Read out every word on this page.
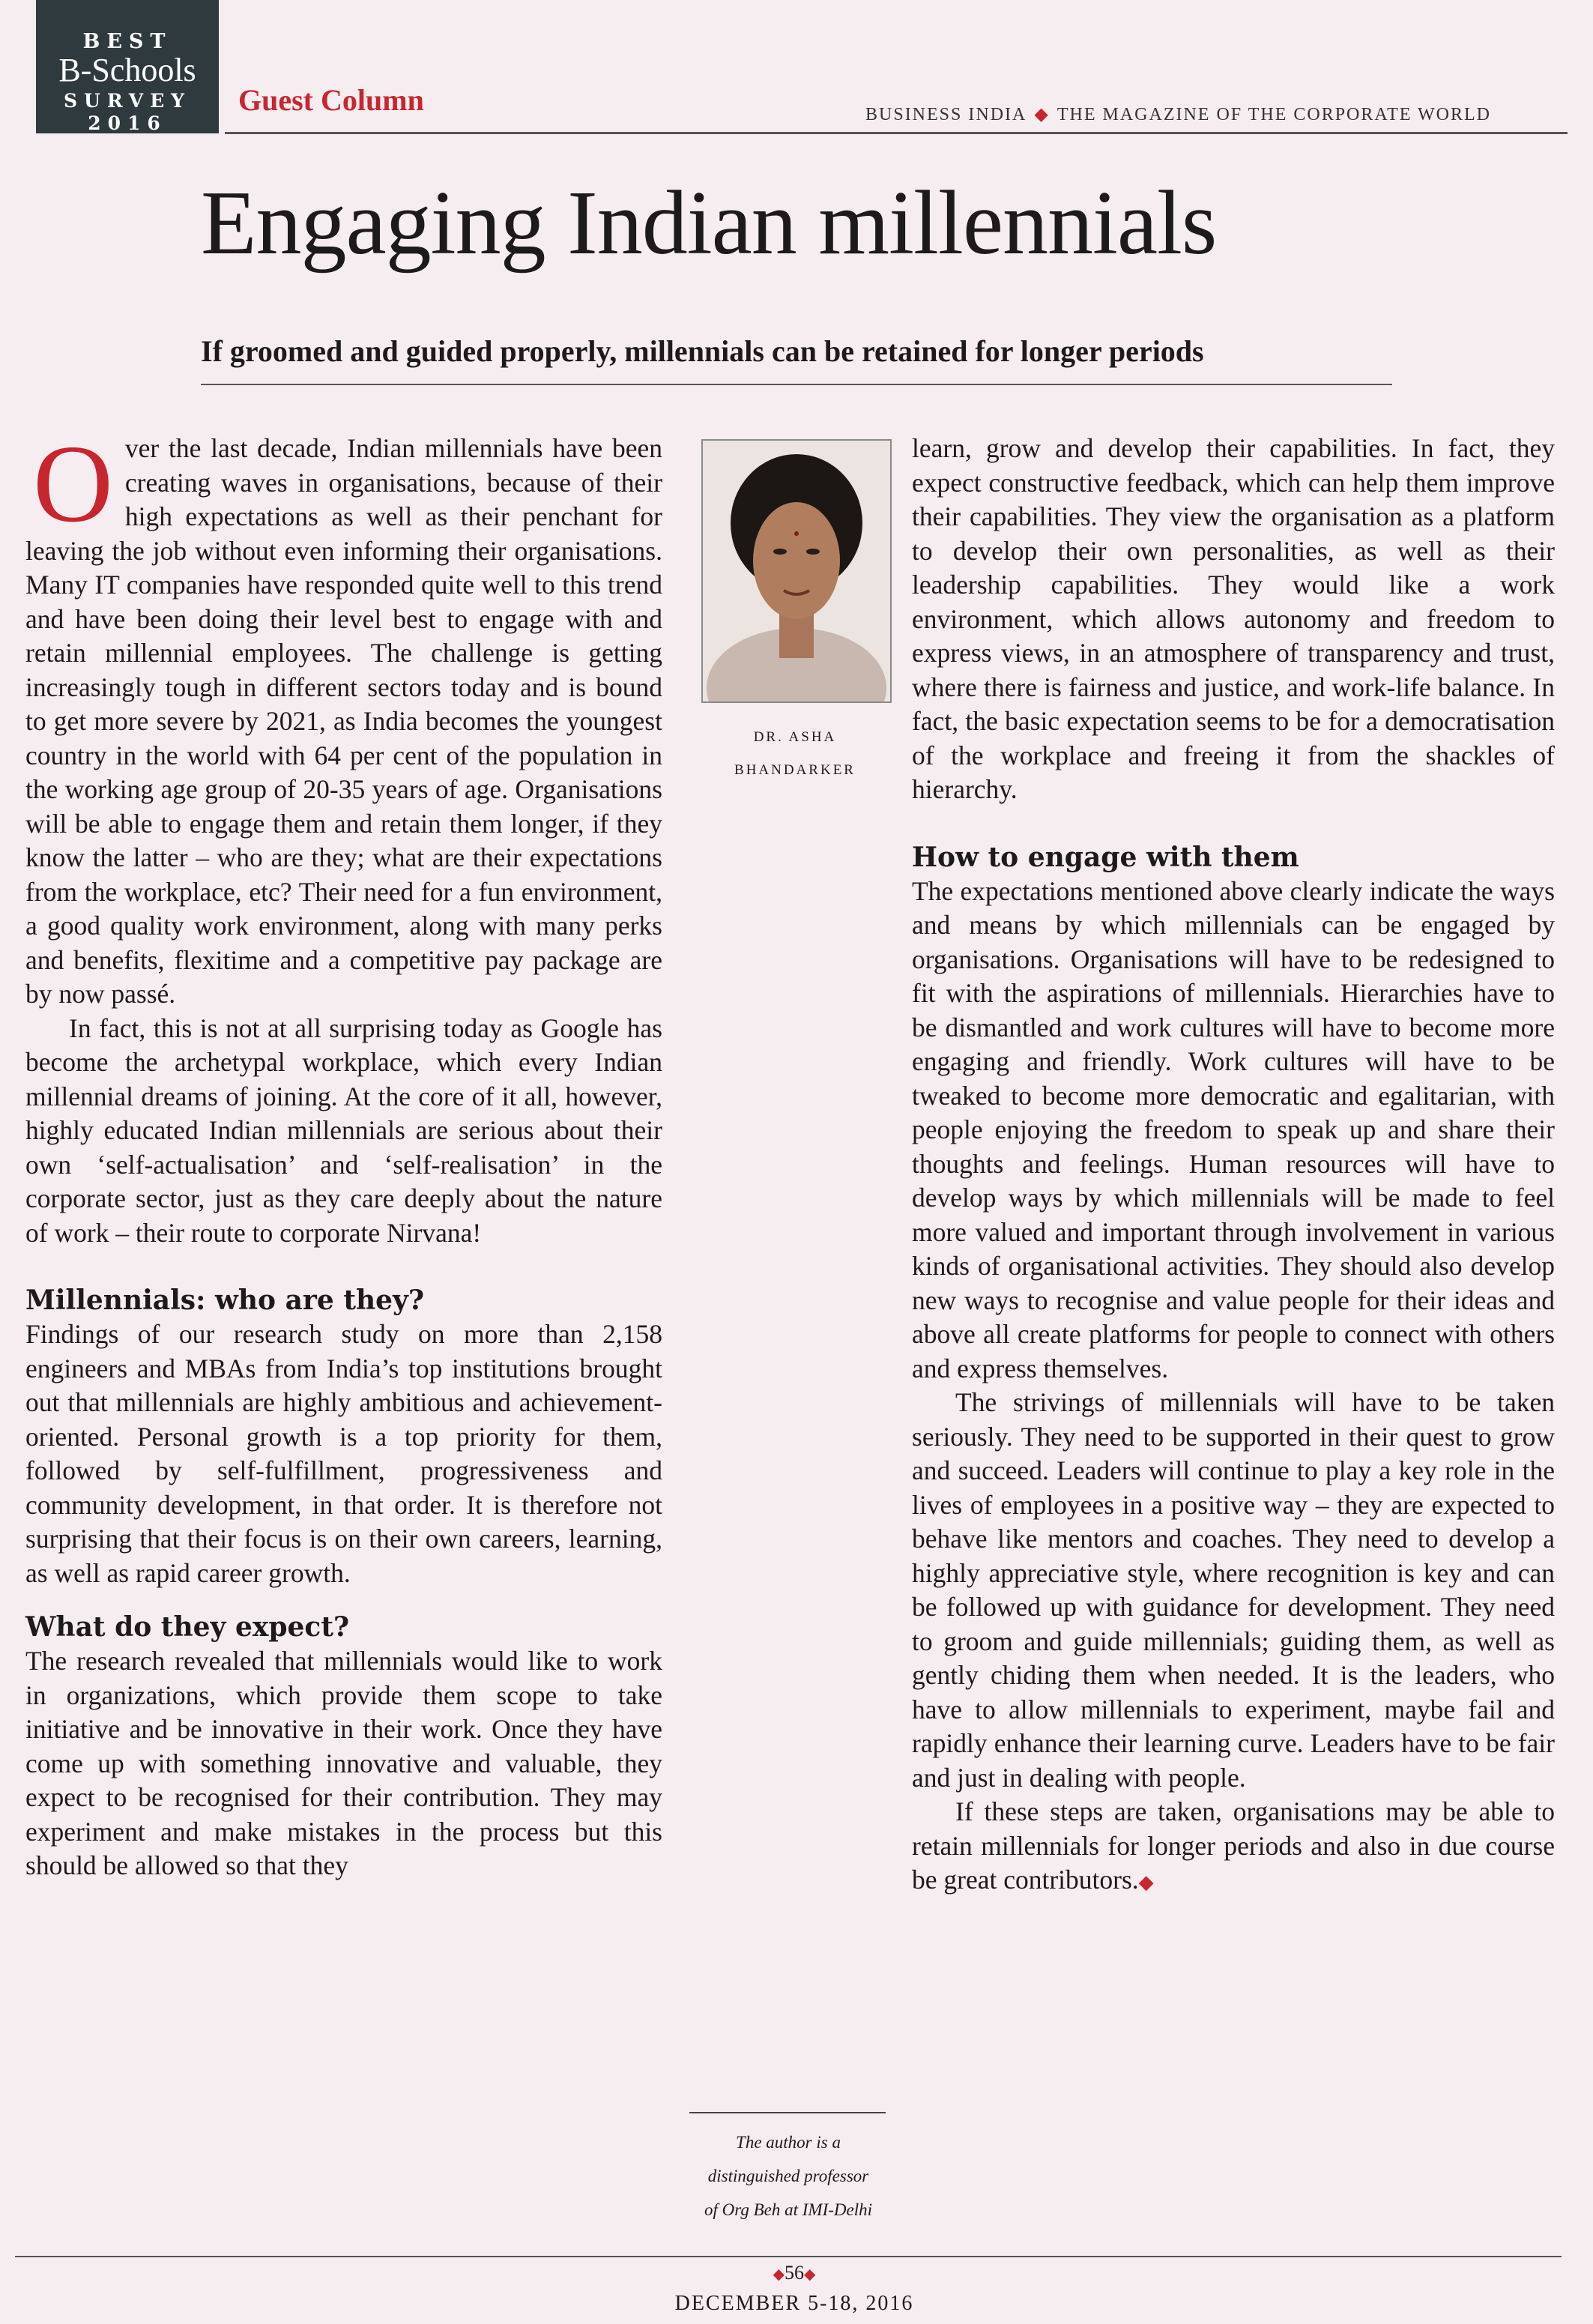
BEST
B-Schools
SURVEY
2016
Guest Column	BUSINESS INDIA ◆ THE MAGAZINE OF THE CORPORATE WORLD
Engaging Indian millennials
If groomed and guided properly, millennials can be retained for longer periods

Over the last decade, Indian millennials have been creating waves in organisations, because of their high expectations as well as their penchant for leaving the job without even informing their organisations. Many IT companies have responded quite well to this trend and have been doing their level best to engage with and retain millennial employees. The challenge is getting increasingly tough in different sectors today and is bound to get more severe by 2021, as India becomes the youngest country in the world with 64 per cent of the population in the working age group of 20-35 years of age. Organisations will be able to engage them and retain them longer, if they know the latter – who are they; what are their expectations from the workplace, etc? Their need for a fun environment, a good quality work environment, along with many perks and benefits, flexitime and a competitive pay package are by now passé.

In fact, this is not at all surprising today as Google has become the archetypal workplace, which every Indian millennial dreams of joining. At the core of it all, however, highly educated Indian millennials are serious about their own ‘self-actualisation’ and ‘self-realisation’ in the corporate sector, just as they care deeply about the nature of work – their route to corporate Nirvana!

Millennials: who are they?

Findings of our research study on more than 2,158 engineers and MBAs from India’s top institutions brought out that millennials are highly ambitious and achievement-oriented. Personal growth is a top priority for them, followed by self-fulfillment, progressiveness and community development, in that order. It is therefore not surprising that their focus is on their own careers, learning, as well as rapid career growth.

What do they expect?

The research revealed that millennials would like to work in organizations, which provide them scope to take initiative and be innovative in their work. Once they have come up with something innovative and valuable, they expect to be recognised for their contribution. They may experiment and make mistakes in the process but this should be allowed so that they

DR. ASHA
BHANDARKER

learn, grow and develop their capabilities. In fact, they expect constructive feedback, which can help them improve their capabilities. They view the organisation as a platform to develop their own personalities, as well as their leadership capabilities. They would like a work environment, which allows autonomy and freedom to express views, in an atmosphere of transparency and trust, where there is fairness and justice, and work-life balance. In fact, the basic expectation seems to be for a democratisation of the workplace and freeing it from the shackles of hierarchy.

How to engage with them

The expectations mentioned above clearly indicate the ways and means by which millennials can be engaged by organisations. Organisations will have to be redesigned to fit with the aspirations of millennials. Hierarchies have to be dismantled and work cultures will have to become more engaging and friendly. Work cultures will have to be tweaked to become more democratic and egalitarian, with people enjoying the freedom to speak up and share their thoughts and feelings. Human resources will have to develop ways by which millennials will be made to feel more valued and important through involvement in various kinds of organisational activities. They should also develop new ways to recognise and value people for their ideas and above all create platforms for people to connect with others and express themselves.

The strivings of millennials will have to be taken seriously. They need to be supported in their quest to grow and succeed. Leaders will continue to play a key role in the lives of employees in a positive way – they are expected to behave like mentors and coaches. They need to develop a highly appreciative style, where recognition is key and can be followed up with guidance for development. They need to groom and guide millennials; guiding them, as well as gently chiding them when needed. It is the leaders, who have to allow millennials to experiment, maybe fail and rapidly enhance their learning curve. Leaders have to be fair and just in dealing with people.

If these steps are taken, organisations may be able to retain millennials for longer periods and also in due course be great contributors.◆

The author is a
distinguished professor
of Org Beh at IMI-Delhi
◆56◆
DECEMBER 5-18, 2016
